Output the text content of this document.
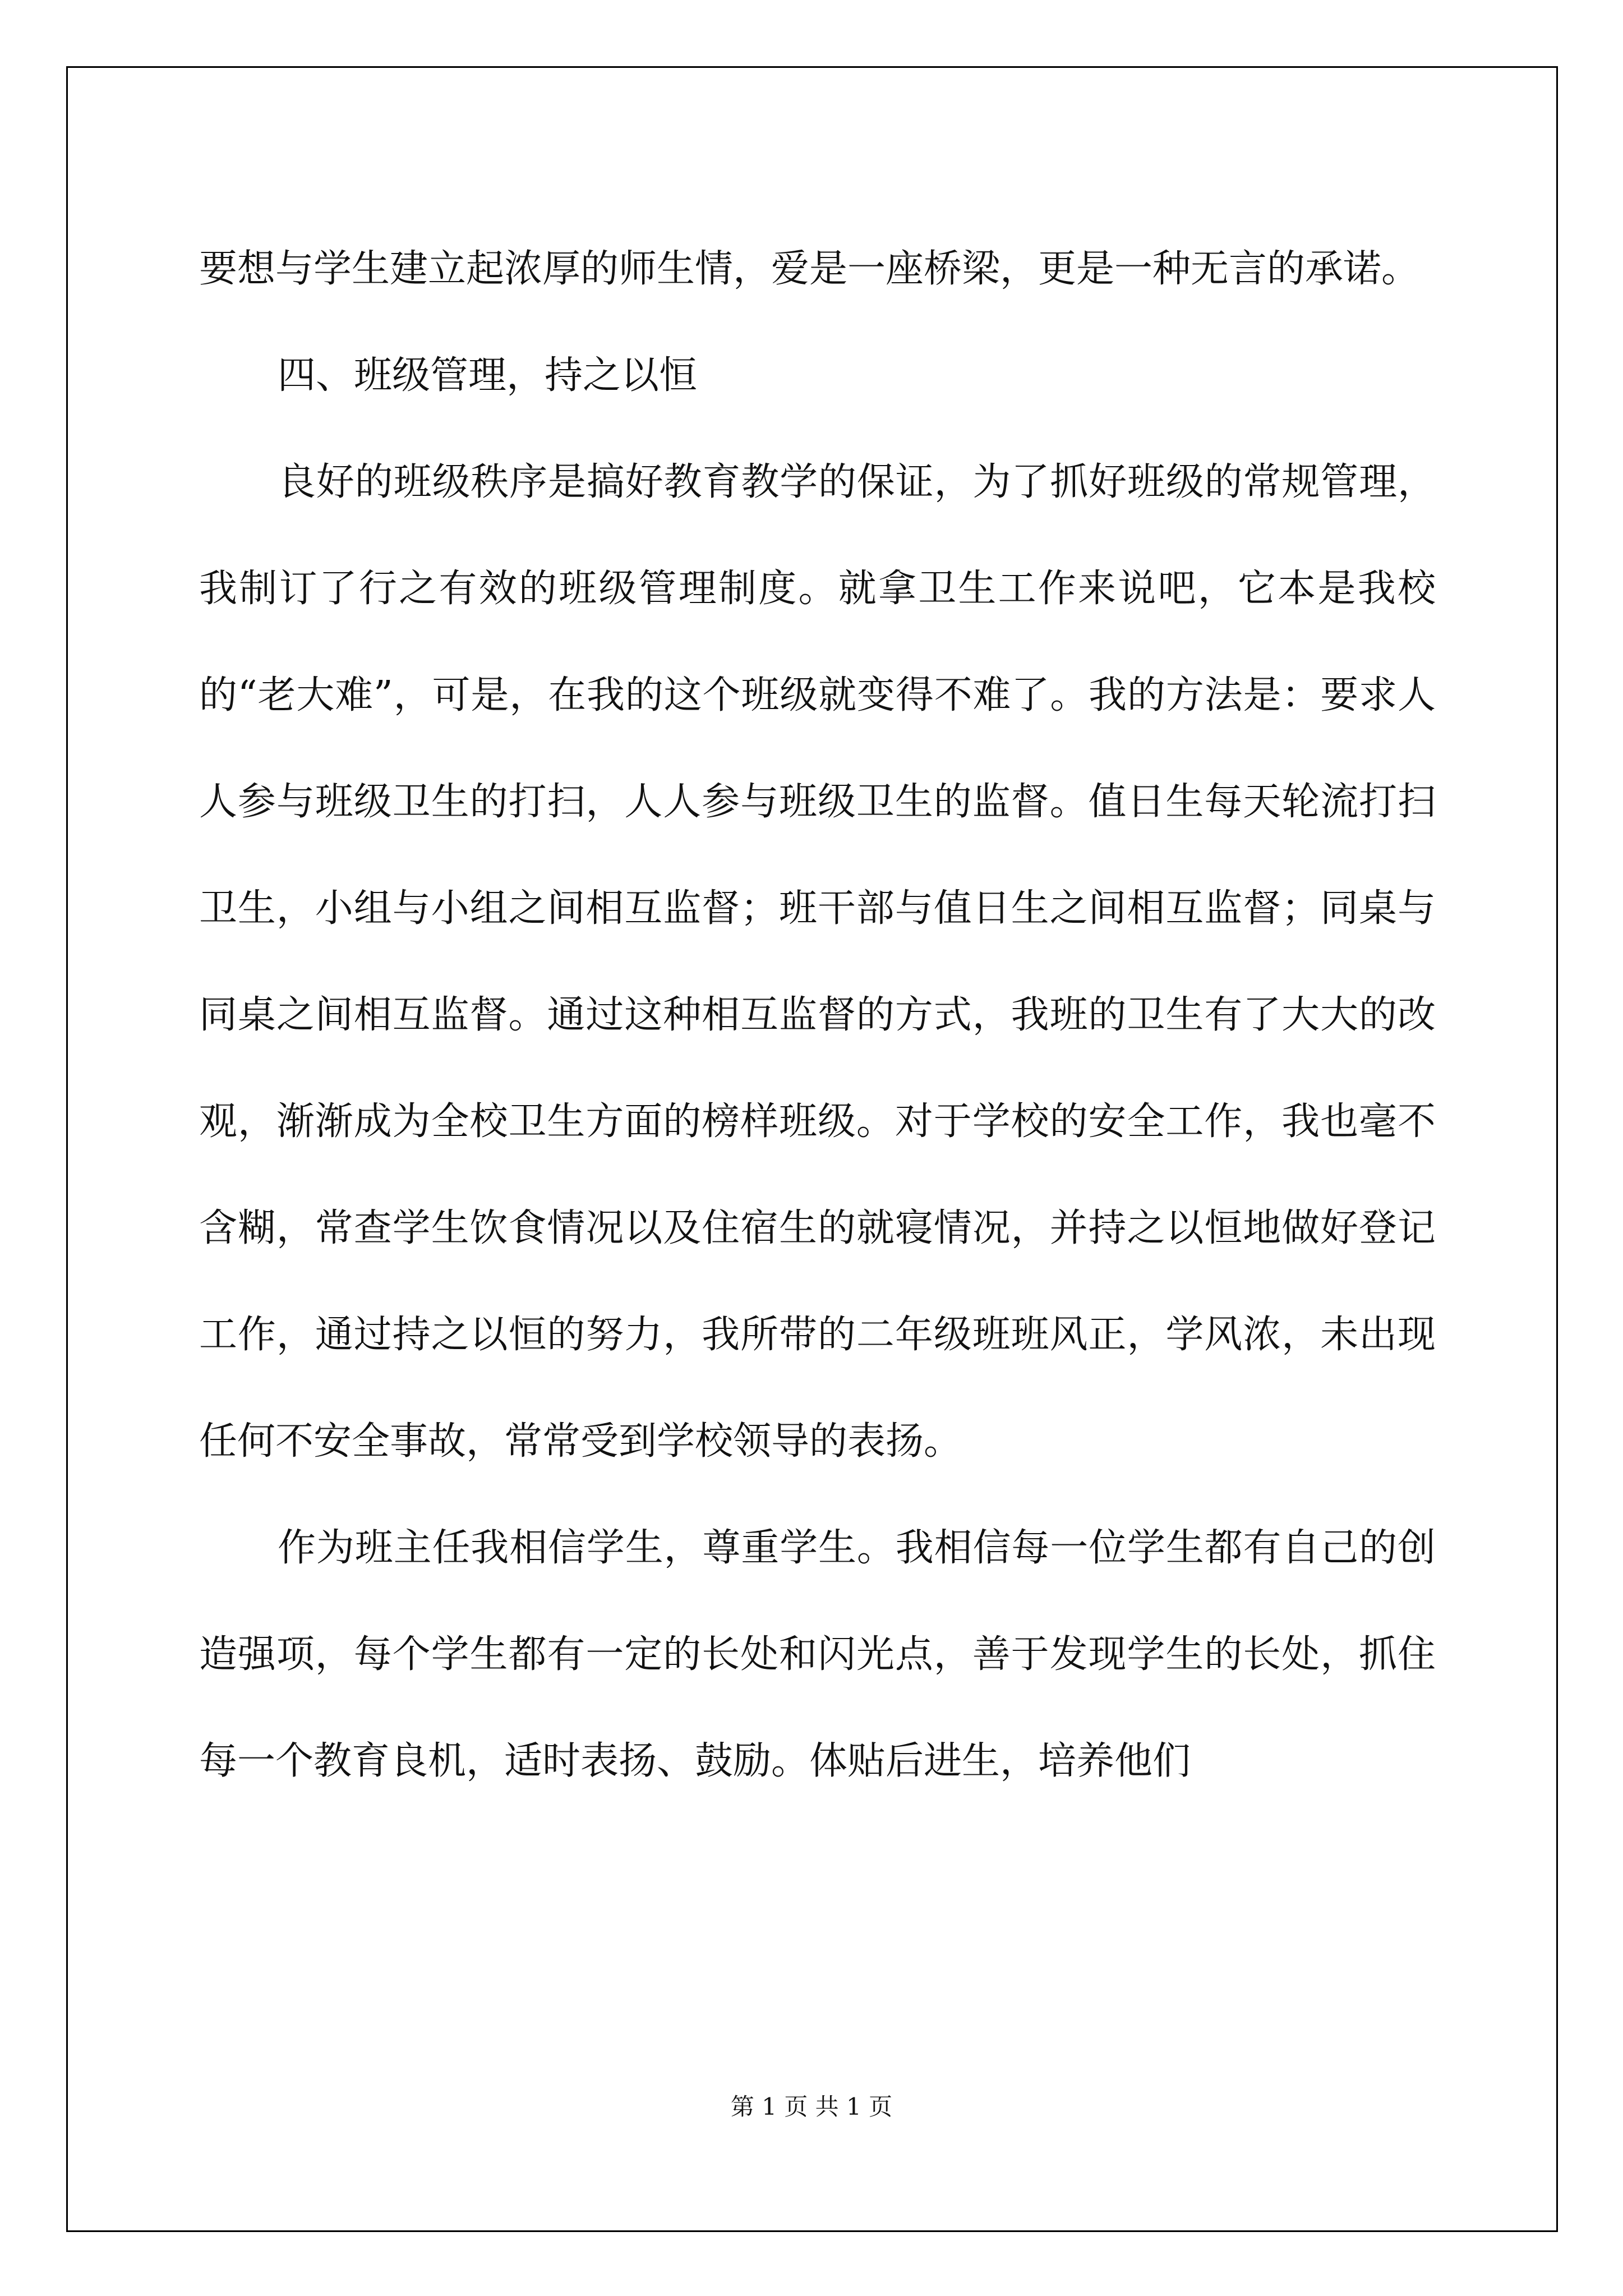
要想与学生建立起浓厚的师生情，爱是一座桥梁，更是一种无言的承诺。

四、班级管理，持之以恒

良好的班级秩序是搞好教育教学的保证，为了抓好班级的常规管理，我制订了行之有效的班级管理制度。就拿卫生工作来说吧，它本是我校的“老大难”，可是，在我的这个班级就变得不难了。我的方法是：要求人人参与班级卫生的打扫，人人参与班级卫生的监督。值日生每天轮流打扫卫生，小组与小组之间相互监督；班干部与值日生之间相互监督；同桌与同桌之间相互监督。通过这种相互监督的方式，我班的卫生有了大大的改观，渐渐成为全校卫生方面的榜样班级。对于学校的安全工作，我也毫不含糊，常查学生饮食情况以及住宿生的就寝情况，并持之以恒地做好登记工作，通过持之以恒的努力，我所带的二年级班班风正，学风浓，未出现任何不安全事故，常常受到学校领导的表扬。

作为班主任我相信学生，尊重学生。我相信每一位学生都有自己的创造强项，每个学生都有一定的长处和闪光点，善于发现学生的长处，抓住每一个教育良机，适时表扬、鼓励。体贴后进生，培养他们

第 1 页 共 1 页
